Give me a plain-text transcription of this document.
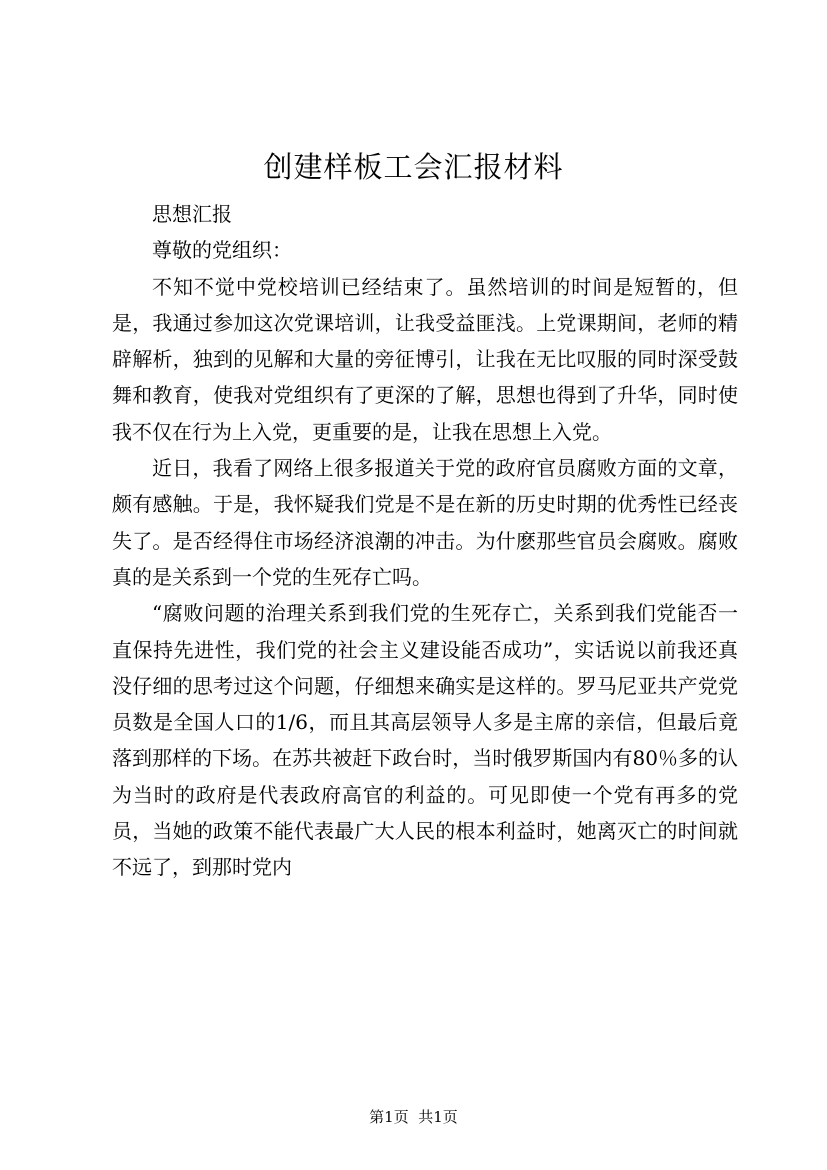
创建样板工会汇报材料

思想汇报

尊敬的党组织：

不知不觉中党校培训已经结束了。虽然培训的时间是短暂的，但是，我通过参加这次党课培训，让我受益匪浅。上党课期间，老师的精辟解析，独到的见解和大量的旁征博引，让我在无比叹服的同时深受鼓舞和教育，使我对党组织有了更深的了解，思想也得到了升华，同时使我不仅在行为上入党，更重要的是，让我在思想上入党。

近日，我看了网络上很多报道关于党的政府官员腐败方面的文章，颇有感触。于是，我怀疑我们党是不是在新的历史时期的优秀性已经丧失了。是否经得住市场经济浪潮的冲击。为什麽那些官员会腐败。腐败真的是关系到一个党的生死存亡吗。

“腐败问题的治理关系到我们党的生死存亡，关系到我们党能否一直保持先进性，我们党的社会主义建设能否成功”，实话说以前我还真没仔细的思考过这个问题，仔细想来确实是这样的。罗马尼亚共产党党员数是全国人口的1/6，而且其高层领导人多是主席的亲信，但最后竟落到那样的下场。在苏共被赶下政台时，当时俄罗斯国内有80％多的认为当时的政府是代表政府高官的利益的。可见即使一个党有再多的党员，当她的政策不能代表最广大人民的根本利益时，她离灭亡的时间就不远了，到那时党内

第1页 共1页
